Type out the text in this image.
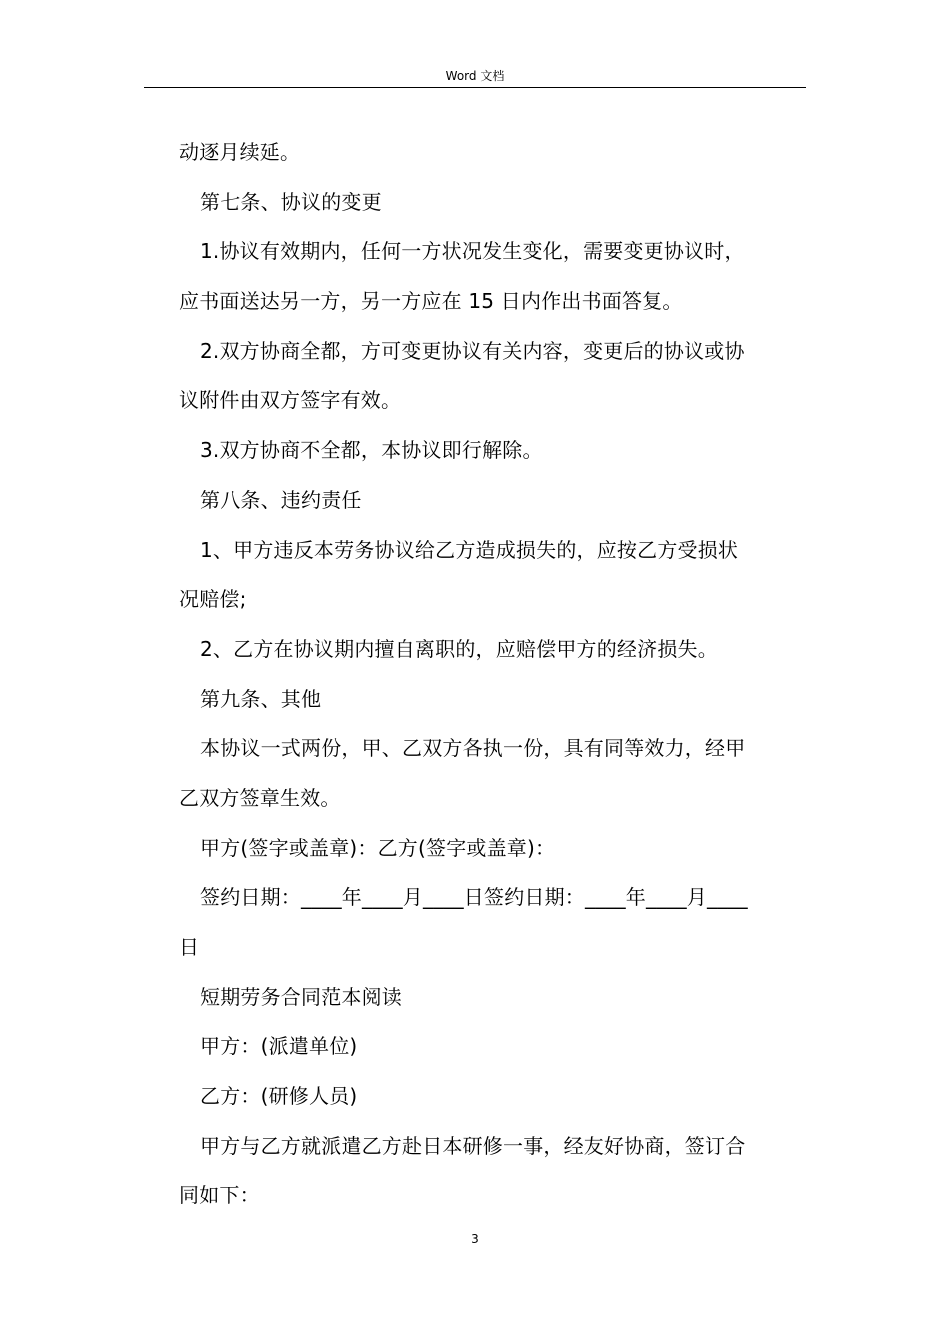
Word 文档
动逐月续延。
第七条、协议的变更
1.协议有效期内，任何一方状况发生变化，需要变更协议时，
应书面送达另一方，另一方应在 15 日内作出书面答复。
2.双方协商全都，方可变更协议有关内容，变更后的协议或协
议附件由双方签字有效。
3.双方协商不全都，本协议即行解除。
第八条、违约责任
1、甲方违反本劳务协议给乙方造成损失的，应按乙方受损状
况赔偿;
2、乙方在协议期内擅自离职的，应赔偿甲方的经济损失。
第九条、其他
本协议一式两份，甲、乙双方各执一份，具有同等效力，经甲
乙双方签章生效。
甲方(签字或盖章)：乙方(签字或盖章)：
签约日期：____年____月____日签约日期：____年____月____
日
短期劳务合同范本阅读
甲方：(派遣单位)
乙方：(研修人员)
甲方与乙方就派遣乙方赴日本研修一事，经友好协商，签订合
同如下：
3
